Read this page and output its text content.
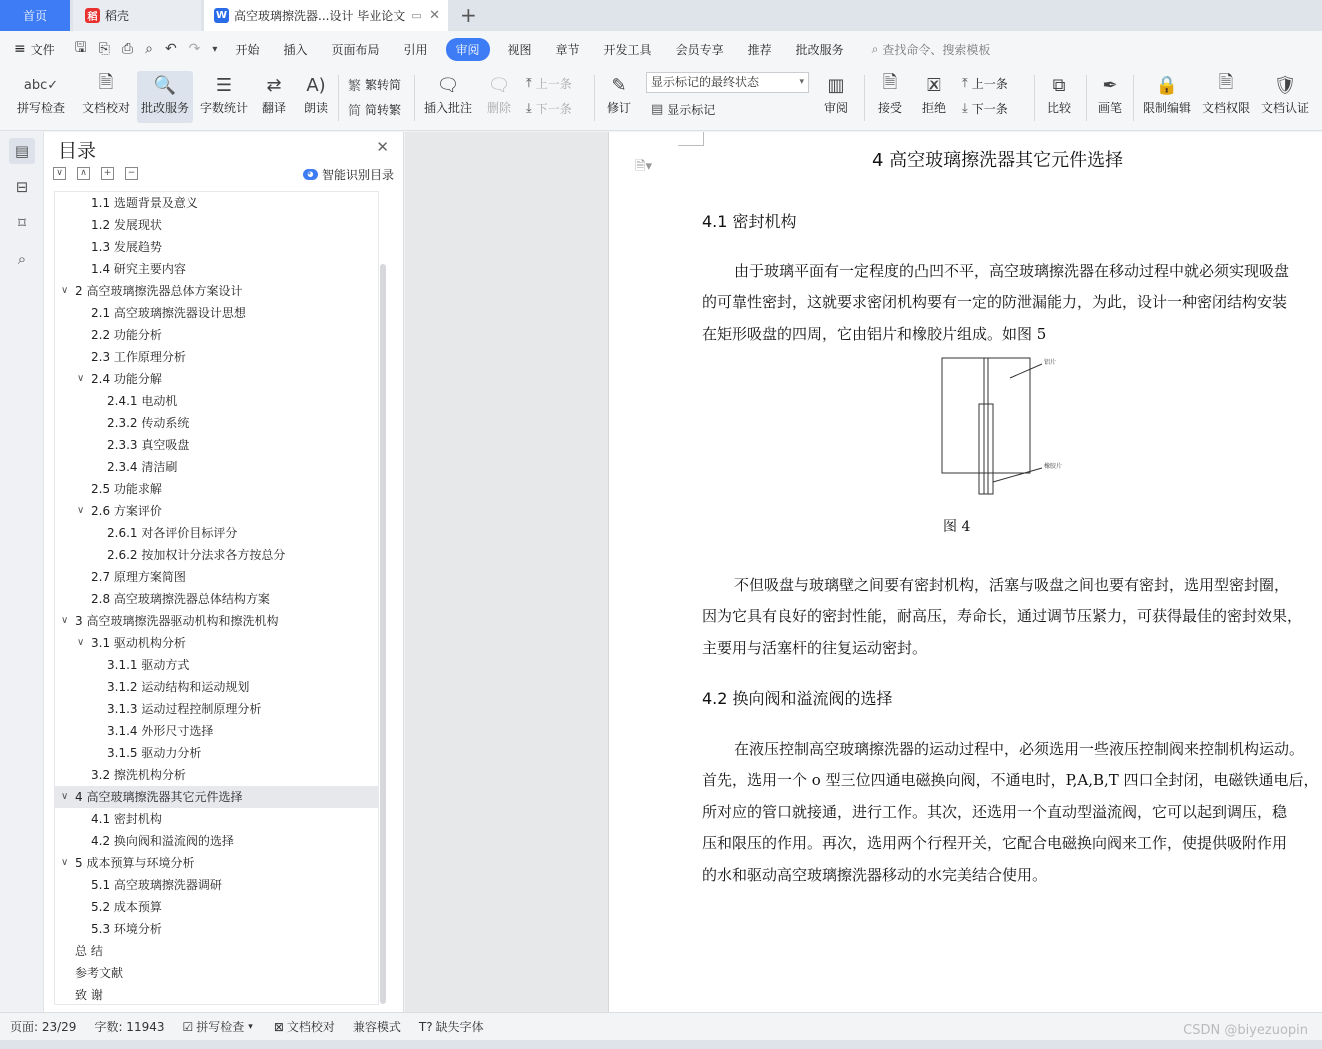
首页	稻 稻壳	W 高空玻璃擦洗器...设计 毕业论文 ▭ ✕ +
≡ 文件 🖫 ⎘ ⎙ ⌕ ↶ ↷ ▾ 开始 插入 页面布局 引用	审阅	视图 章节 开发工具 会员专享 推荐 批改服务 ⌕ 查找命令、搜索模板
abc✓
拼写检查
🗎
文档校对
🔍
批改服务
☰
字数统计
⇄
翻译
A)
朗读
繁 繁转简
简 简转繁
🗨
插入批注
🗨
删除
⤒ 上一条
⤓ 下一条
✎
修订 ▤ 显示标记
▥
审阅
🗎
接受
🗷
拒绝
⤒ 上一条
⤓ 下一条
⧉
比较
✒
画笔
🔒
限制编辑
🗎
文档权限
🛡
文档认证
显示标记的最终状态	▾
▤
⊟
⌑
⌕
目录	✕
∨	∧	+	−	◕ 智能识别目录
1.1 选题背景及意义
1.2 发展现状
1.3 发展趋势
1.4 研究主要内容
∨ 2 高空玻璃擦洗器总体方案设计
2.1 高空玻璃擦洗器设计思想
2.2 功能分析
2.3 工作原理分析
∨ 2.4 功能分解
2.4.1 电动机
2.3.2 传动系统
2.3.3 真空吸盘
2.3.4 清洁刷
2.5 功能求解
∨ 2.6 方案评价
2.6.1 对各评价目标评分
2.6.2 按加权计分法求各方按总分
2.7 原理方案简图
2.8 高空玻璃擦洗器总体结构方案
∨ 3 高空玻璃擦洗器驱动机构和擦洗机构
∨ 3.1 驱动机构分析
3.1.1 驱动方式
3.1.2 运动结构和运动规划
3.1.3 运动过程控制原理分析
3.1.4 外形尺寸选择
3.1.5 驱动力分析
3.2 擦洗机构分析
∨ 4 高空玻璃擦洗器其它元件选择
4.1 密封机构
4.2 换向阀和溢流阀的选择
∨ 5 成本预算与环境分析
5.1 高空玻璃擦洗器调研
5.2 成本预算
5.3 环境分析
总 结
参考文献
致 谢
🗎▾	4 高空玻璃擦洗器其它元件选择
4.1 密封机构
由于玻璃平面有一定程度的凸凹不平，高空玻璃擦洗器在移动过程中就必须实现吸盘
的可靠性密封，这就要求密闭机构要有一定的防泄漏能力，为此，设计一种密闭结构安装
在矩形吸盘的四周，它由铝片和橡胶片组成。如图 5
铝片
橡胶片
图 4
不但吸盘与玻璃壁之间要有密封机构，活塞与吸盘之间也要有密封，选用型密封圈，
因为它具有良好的密封性能，耐高压，寿命长，通过调节压紧力，可获得最佳的密封效果，
主要用与活塞杆的往复运动密封。
4.2 换向阀和溢流阀的选择
在液压控制高空玻璃擦洗器的运动过程中，必须选用一些液压控制阀来控制机构运动。
首先，选用一个 o 型三位四通电磁换向阀，不通电时，P,A,B,T 四口全封闭，电磁铁通电后，
所对应的管口就接通，进行工作。其次，还选用一个直动型溢流阀，它可以起到调压，稳
压和限压的作用。再次，选用两个行程开关，它配合电磁换向阀来工作，使提供吸附作用
的水和驱动高空玻璃擦洗器移动的水完美结合使用。
页面: 23/29 字数: 11943 ☑ 拼写检查 ▾ ⊠ 文档校对 兼容模式 T? 缺失字体	CSDN @biyezuopin
